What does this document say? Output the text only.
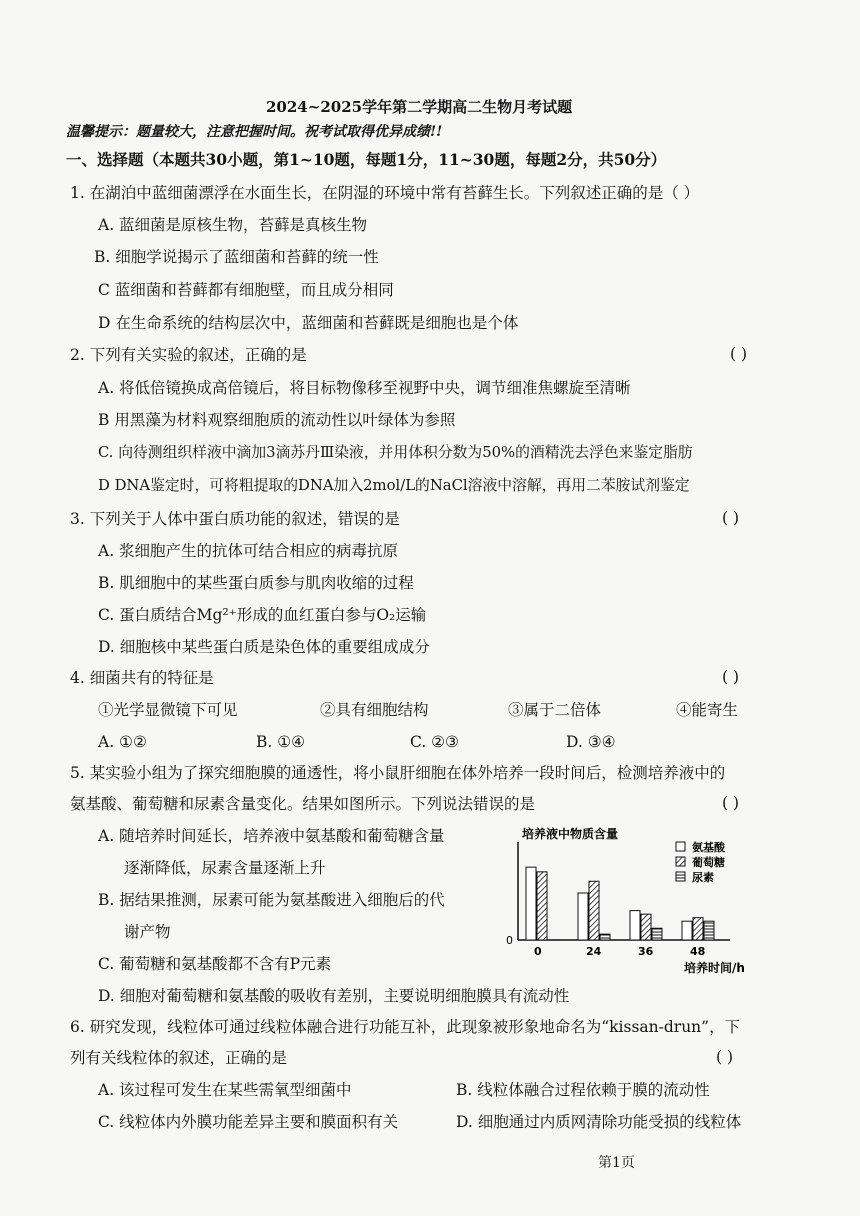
2024~2025学年第二学期高二生物月考试题
温馨提示：题量较大，注意把握时间。祝考试取得优异成绩!!
一、选择题（本题共30小题，第1~10题，每题1分，11~30题，每题2分，共50分）
1. 在湖泊中蓝细菌漂浮在水面生长，在阴湿的环境中常有苔藓生长。下列叙述正确的是（ ）
A. 蓝细菌是原核生物，苔藓是真核生物
B. 细胞学说揭示了蓝细菌和苔藓的统一性
C 蓝细菌和苔藓都有细胞壁，而且成分相同
D 在生命系统的结构层次中，蓝细菌和苔藓既是细胞也是个体
2. 下列有关实验的叙述，正确的是	( )
A. 将低倍镜换成高倍镜后，将目标物像移至视野中央，调节细准焦螺旋至清晰
B 用黑藻为材料观察细胞质的流动性以叶绿体为参照
C. 向待测组织样液中滴加3滴苏丹Ⅲ染液，并用体积分数为50%的酒精洗去浮色来鉴定脂肪
D DNA鉴定时，可将粗提取的DNA加入2mol/L的NaCl溶液中溶解，再用二苯胺试剂鉴定
3. 下列关于人体中蛋白质功能的叙述，错误的是	( )
A. 浆细胞产生的抗体可结合相应的病毒抗原
B. 肌细胞中的某些蛋白质参与肌肉收缩的过程
C. 蛋白质结合Mg²⁺形成的血红蛋白参与O₂运输
D. 细胞核中某些蛋白质是染色体的重要组成成分
4. 细菌共有的特征是	( )
①光学显微镜下可见	②具有细胞结构	③属于二倍体	④能寄生
A. ①②	B. ①④	C. ②③	D. ③④
5. 某实验小组为了探究细胞膜的通透性，将小鼠肝细胞在体外培养一段时间后，检测培养液中的
氨基酸、葡萄糖和尿素含量变化。结果如图所示。下列说法错误的是	( )
A. 随培养时间延长，培养液中氨基酸和葡萄糖含量
逐渐降低，尿素含量逐渐上升
B. 据结果推测，尿素可能为氨基酸进入细胞后的代
谢产物
C. 葡萄糖和氨基酸都不含有P元素
D. 细胞对葡萄糖和氨基酸的吸收有差别，主要说明细胞膜具有流动性
培养液中物质含量
0
0	24	36	48
氨基酸
葡萄糖
尿素
培养时间/h
6. 研究发现，线粒体可通过线粒体融合进行功能互补，此现象被形象地命名为“kissan-drun”，下
列有关线粒体的叙述，正确的是	( )
A. 该过程可发生在某些需氧型细菌中	B. 线粒体融合过程依赖于膜的流动性
C. 线粒体内外膜功能差异主要和膜面积有关	D. 细胞通过内质网清除功能受损的线粒体
第1页
